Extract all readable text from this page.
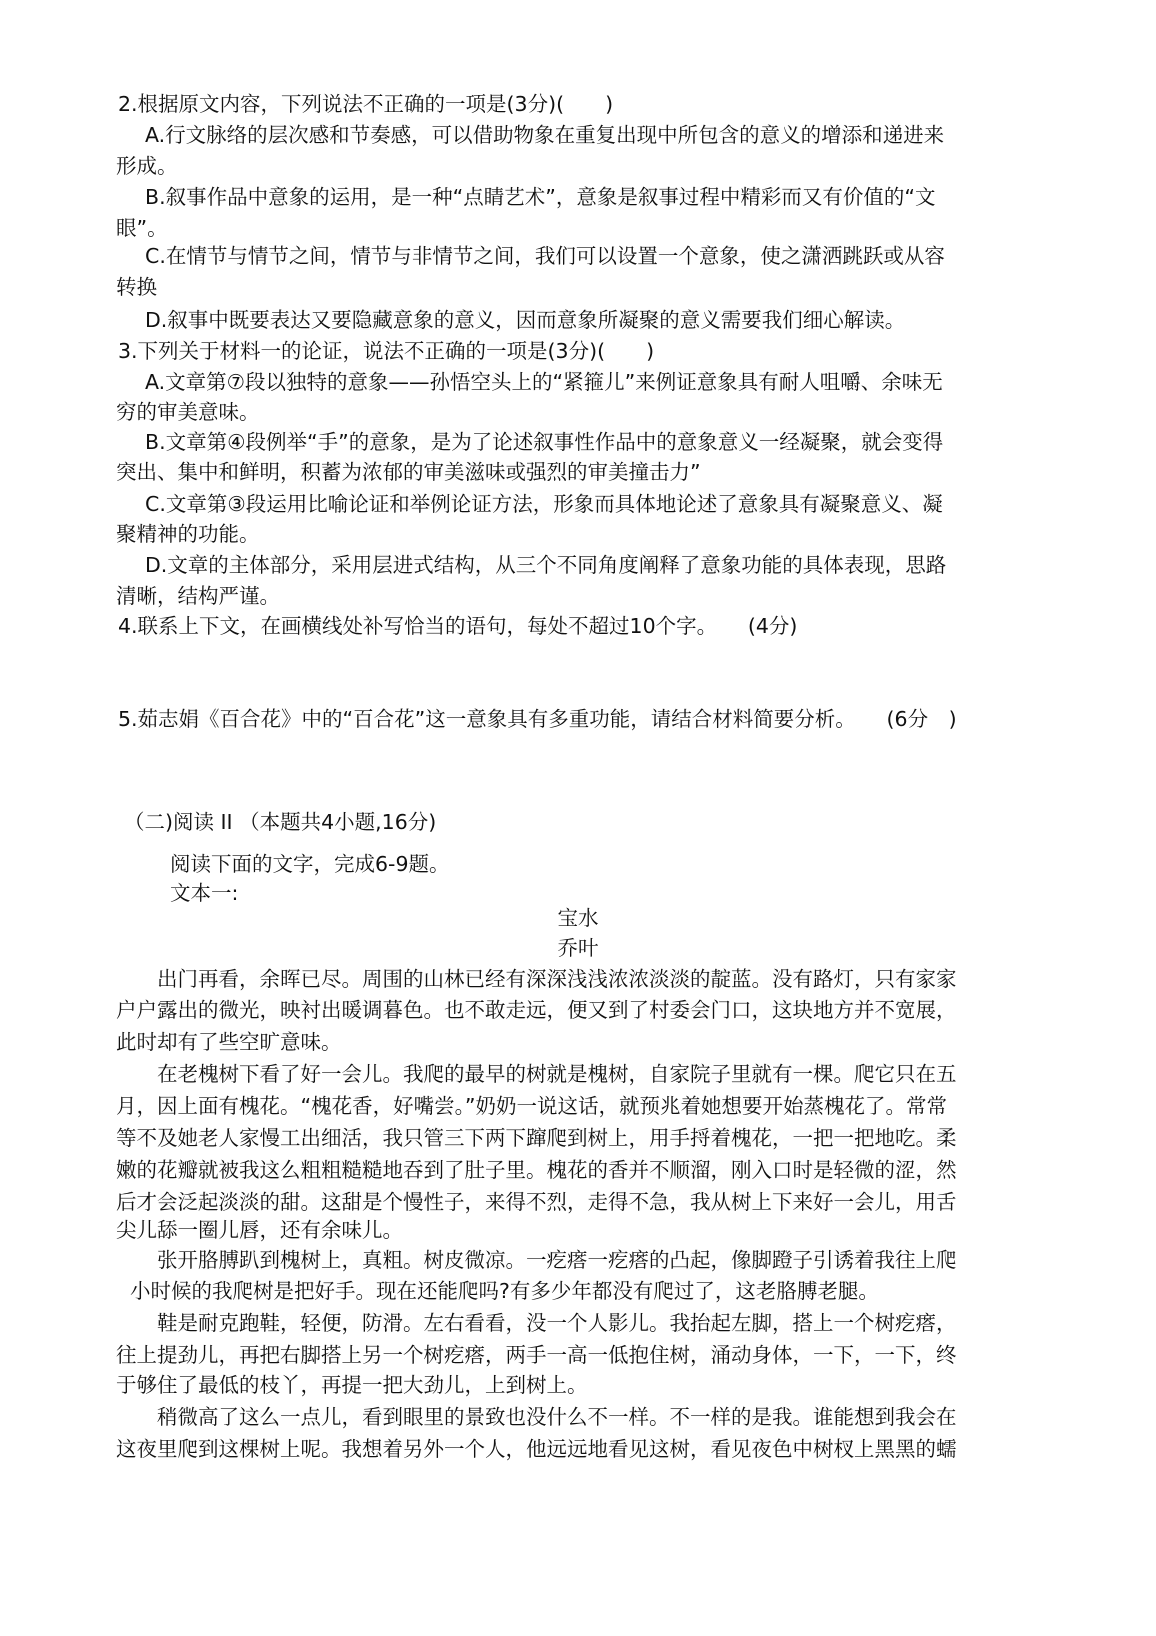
2.根据原文内容，下列说法不正确的一项是(3分)(　　)
A.行文脉络的层次感和节奏感，可以借助物象在重复出现中所包含的意义的增添和递进来
形成。
B.叙事作品中意象的运用，是一种“点睛艺术”，意象是叙事过程中精彩而又有价值的“文
眼”。
C.在情节与情节之间，情节与非情节之间，我们可以设置一个意象，使之潇洒跳跃或从容
转换
D.叙事中既要表达又要隐藏意象的意义，因而意象所凝聚的意义需要我们细心解读。
3.下列关于材料一的论证，说法不正确的一项是(3分)(　　)
A.文章第⑦段以独特的意象——孙悟空头上的“紧箍儿”来例证意象具有耐人咀嚼、余味无
穷的审美意味。
B.文章第④段例举“手”的意象，是为了论述叙事性作品中的意象意义一经凝聚，就会变得
突出、集中和鲜明，积蓄为浓郁的审美滋味或强烈的审美撞击力”
C.文章第③段运用比喻论证和举例论证方法，形象而具体地论述了意象具有凝聚意义、凝
聚精神的功能。
D.文章的主体部分，采用层进式结构，从三个不同角度阐释了意象功能的具体表现，思路
清晰，结构严谨。
4.联系上下文，在画横线处补写恰当的语句，每处不超过10个字。　　(4分)
5.茹志娟《百合花》中的“百合花”这一意象具有多重功能，请结合材料简要分析。　　(6分　)
（二)阅读 II （本题共4小题,16分)
阅读下面的文字，完成6-9题。
文本一:
宝水
乔叶
出门再看，余晖已尽。周围的山林已经有深深浅浅浓浓淡淡的靛蓝。没有路灯，只有家家
户户露出的微光，映衬出暖调暮色。也不敢走远，便又到了村委会门口，这块地方并不宽展，
此时却有了些空旷意味。
在老槐树下看了好一会儿。我爬的最早的树就是槐树，自家院子里就有一棵。爬它只在五
月，因上面有槐花。“槐花香，好嘴尝。”奶奶一说这话，就预兆着她想要开始蒸槐花了。常常
等不及她老人家慢工出细活，我只管三下两下蹿爬到树上，用手捋着槐花，一把一把地吃。柔
嫩的花瓣就被我这么粗粗糙糙地吞到了肚子里。槐花的香并不顺溜，刚入口时是轻微的涩，然
后才会泛起淡淡的甜。这甜是个慢性子，来得不烈，走得不急，我从树上下来好一会儿，用舌
尖儿舔一圈儿唇，还有余味儿。
张开胳膊趴到槐树上，真粗。树皮微凉。一疙瘩一疙瘩的凸起，像脚蹬子引诱着我往上爬
小时候的我爬树是把好手。现在还能爬吗?有多少年都没有爬过了，这老胳膊老腿。
鞋是耐克跑鞋，轻便，防滑。左右看看，没一个人影儿。我抬起左脚，搭上一个树疙瘩，
往上提劲儿，再把右脚搭上另一个树疙瘩，两手一高一低抱住树，涌动身体，一下，一下，终
于够住了最低的枝丫，再提一把大劲儿，上到树上。
稍微高了这么一点儿，看到眼里的景致也没什么不一样。不一样的是我。谁能想到我会在
这夜里爬到这棵树上呢。我想着另外一个人，他远远地看见这树，看见夜色中树杈上黑黑的蠕
